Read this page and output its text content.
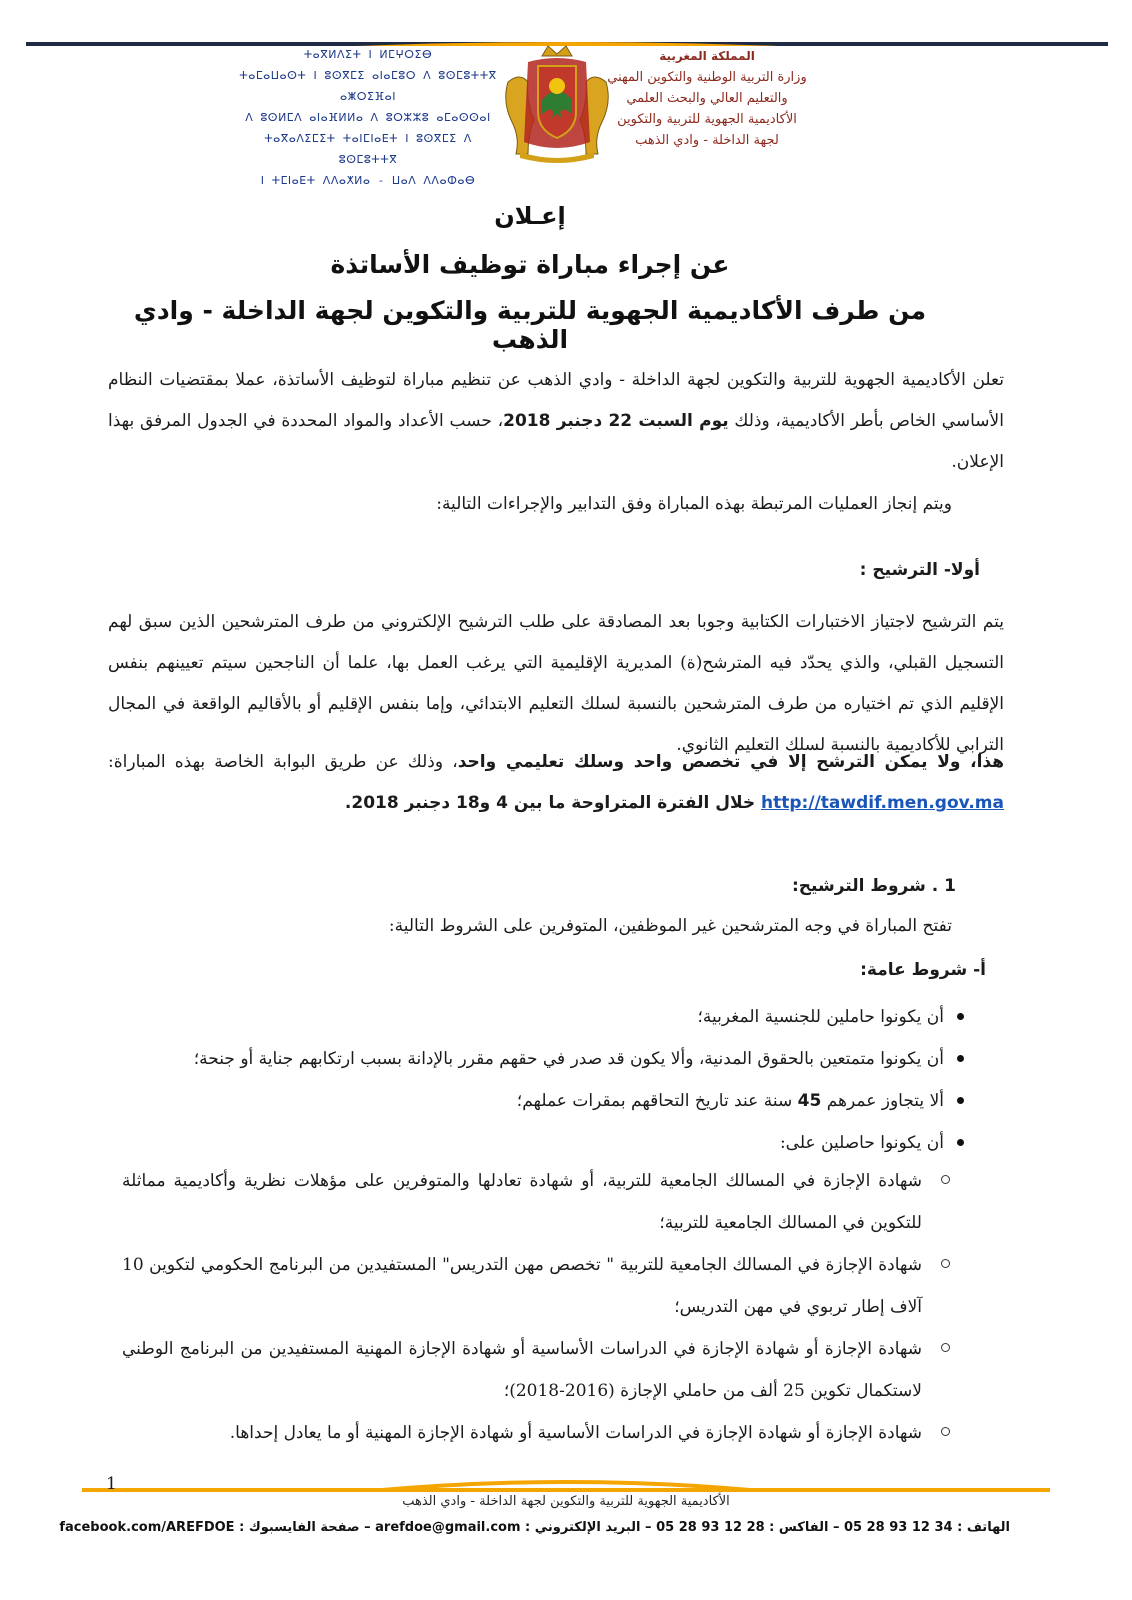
المملكة المغربية
وزارة التربية الوطنية والتكوين المهني
والتعليم العالي والبحث العلمي
الأكاديمية الجهوية للتربية والتكوين
لجهة الداخلة - وادي الذهب
ⵜⴰⴳⵍⴷⵉⵜ ⵏ ⵍⵎⵖⵔⵉⴱ
ⵜⴰⵎⴰⵡⴰⵙⵜ ⵏ ⵓⵙⴳⵎⵉ ⴰⵏⴰⵎⵓⵔ ⴷ ⵓⵙⵎⵓⵜⵜⴳ ⴰⵥⵔⵉⴼⴰⵏ
ⴷ ⵓⵙⵍⵎⴷ ⴰⵏⴰⴼⵍⵍⴰ ⴷ ⵓⵔⵣⵣⵓ ⴰⵎⴰⵙⵙⴰⵏ
ⵜⴰⴳⴰⴷⵉⵎⵉⵜ ⵜⴰⵏⵎⵏⴰⴹⵜ ⵏ ⵓⵙⴳⵎⵉ ⴷ ⵓⵙⵎⵓⵜⵜⴳ
ⵏ ⵜⵎⵏⴰⴹⵜ ⴷⴷⴰⵅⵍⴰ - ⵡⴰⴷ ⴷⴷⴰⵀⴰⴱ
إعـلان
عن إجراء مباراة توظيف الأساتذة
من طرف الأكاديمية الجهوية للتربية والتكوين لجهة الداخلة - وادي الذهب
تعلن الأكاديمية الجهوية للتربية والتكوين لجهة الداخلة - وادي الذهب عن تنظيم مباراة لتوظيف الأساتذة، عملا بمقتضيات النظام الأساسي الخاص بأطر الأكاديمية، وذلك يوم السبت 22 دجنبر 2018، حسب الأعداد والمواد المحددة في الجدول المرفق بهذا الإعلان.
ويتم إنجاز العمليات المرتبطة بهذه المباراة وفق التدابير والإجراءات التالية:
أولا- الترشيح :
يتم الترشيح لاجتياز الاختبارات الكتابية وجوبا بعد المصادقة على طلب الترشيح الإلكتروني من طرف المترشحين الذين سبق لهم التسجيل القبلي، والذي يحدّد فيه المترشح(ة) المديرية الإقليمية التي يرغب العمل بها، علما أن الناجحين سيتم تعيينهم بنفس الإقليم الذي تم اختياره من طرف المترشحين بالنسبة لسلك التعليم الابتدائي، وإما بنفس الإقليم أو بالأقاليم الواقعة في المجال الترابي للأكاديمية بالنسبة لسلك التعليم الثانوي.
هذا، ولا يمكن الترشح إلا في تخصص واحد وسلك تعليمي واحد، وذلك عن طريق البوابة الخاصة بهذه المباراة: http://tawdif.men.gov.ma خلال الفترة المتراوحة ما بين 4 و18 دجنبر 2018.
1 . شروط الترشيح:
تفتح المباراة في وجه المترشحين غير الموظفين، المتوفرين على الشروط التالية:
أ- شروط عامة:
أن يكونوا حاملين للجنسية المغربية؛
أن يكونوا متمتعين بالحقوق المدنية، وألا يكون قد صدر في حقهم مقرر بالإدانة بسبب ارتكابهم جناية أو جنحة؛
ألا يتجاوز عمرهم 45 سنة عند تاريخ التحاقهم بمقرات عملهم؛
أن يكونوا حاصلين على:
شهادة الإجازة في المسالك الجامعية للتربية، أو شهادة تعادلها والمتوفرين على مؤهلات نظرية وأكاديمية مماثلة للتكوين في المسالك الجامعية للتربية؛
شهادة الإجازة في المسالك الجامعية للتربية " تخصص مهن التدريس" المستفيدين من البرنامج الحكومي لتكوين 10 آلاف إطار تربوي في مهن التدريس؛
شهادة الإجازة أو شهادة الإجازة في الدراسات الأساسية أو شهادة الإجازة المهنية المستفيدين من البرنامج الوطني لاستكمال تكوين 25 ألف من حاملي الإجازة (2016-2018)؛
شهادة الإجازة أو شهادة الإجازة في الدراسات الأساسية أو شهادة الإجازة المهنية أو ما يعادل إحداها.
1
الأكاديمية الجهوية للتربية والتكوين لجهة الداخلة - وادي الذهب
الهاتف : 34 12 93 28 05 – الفاكس : 28 12 93 28 05 – البريد الإلكتروني : arefdoe@gmail.com – صفحة الفايسبوك : facebook.com/AREFDOE
